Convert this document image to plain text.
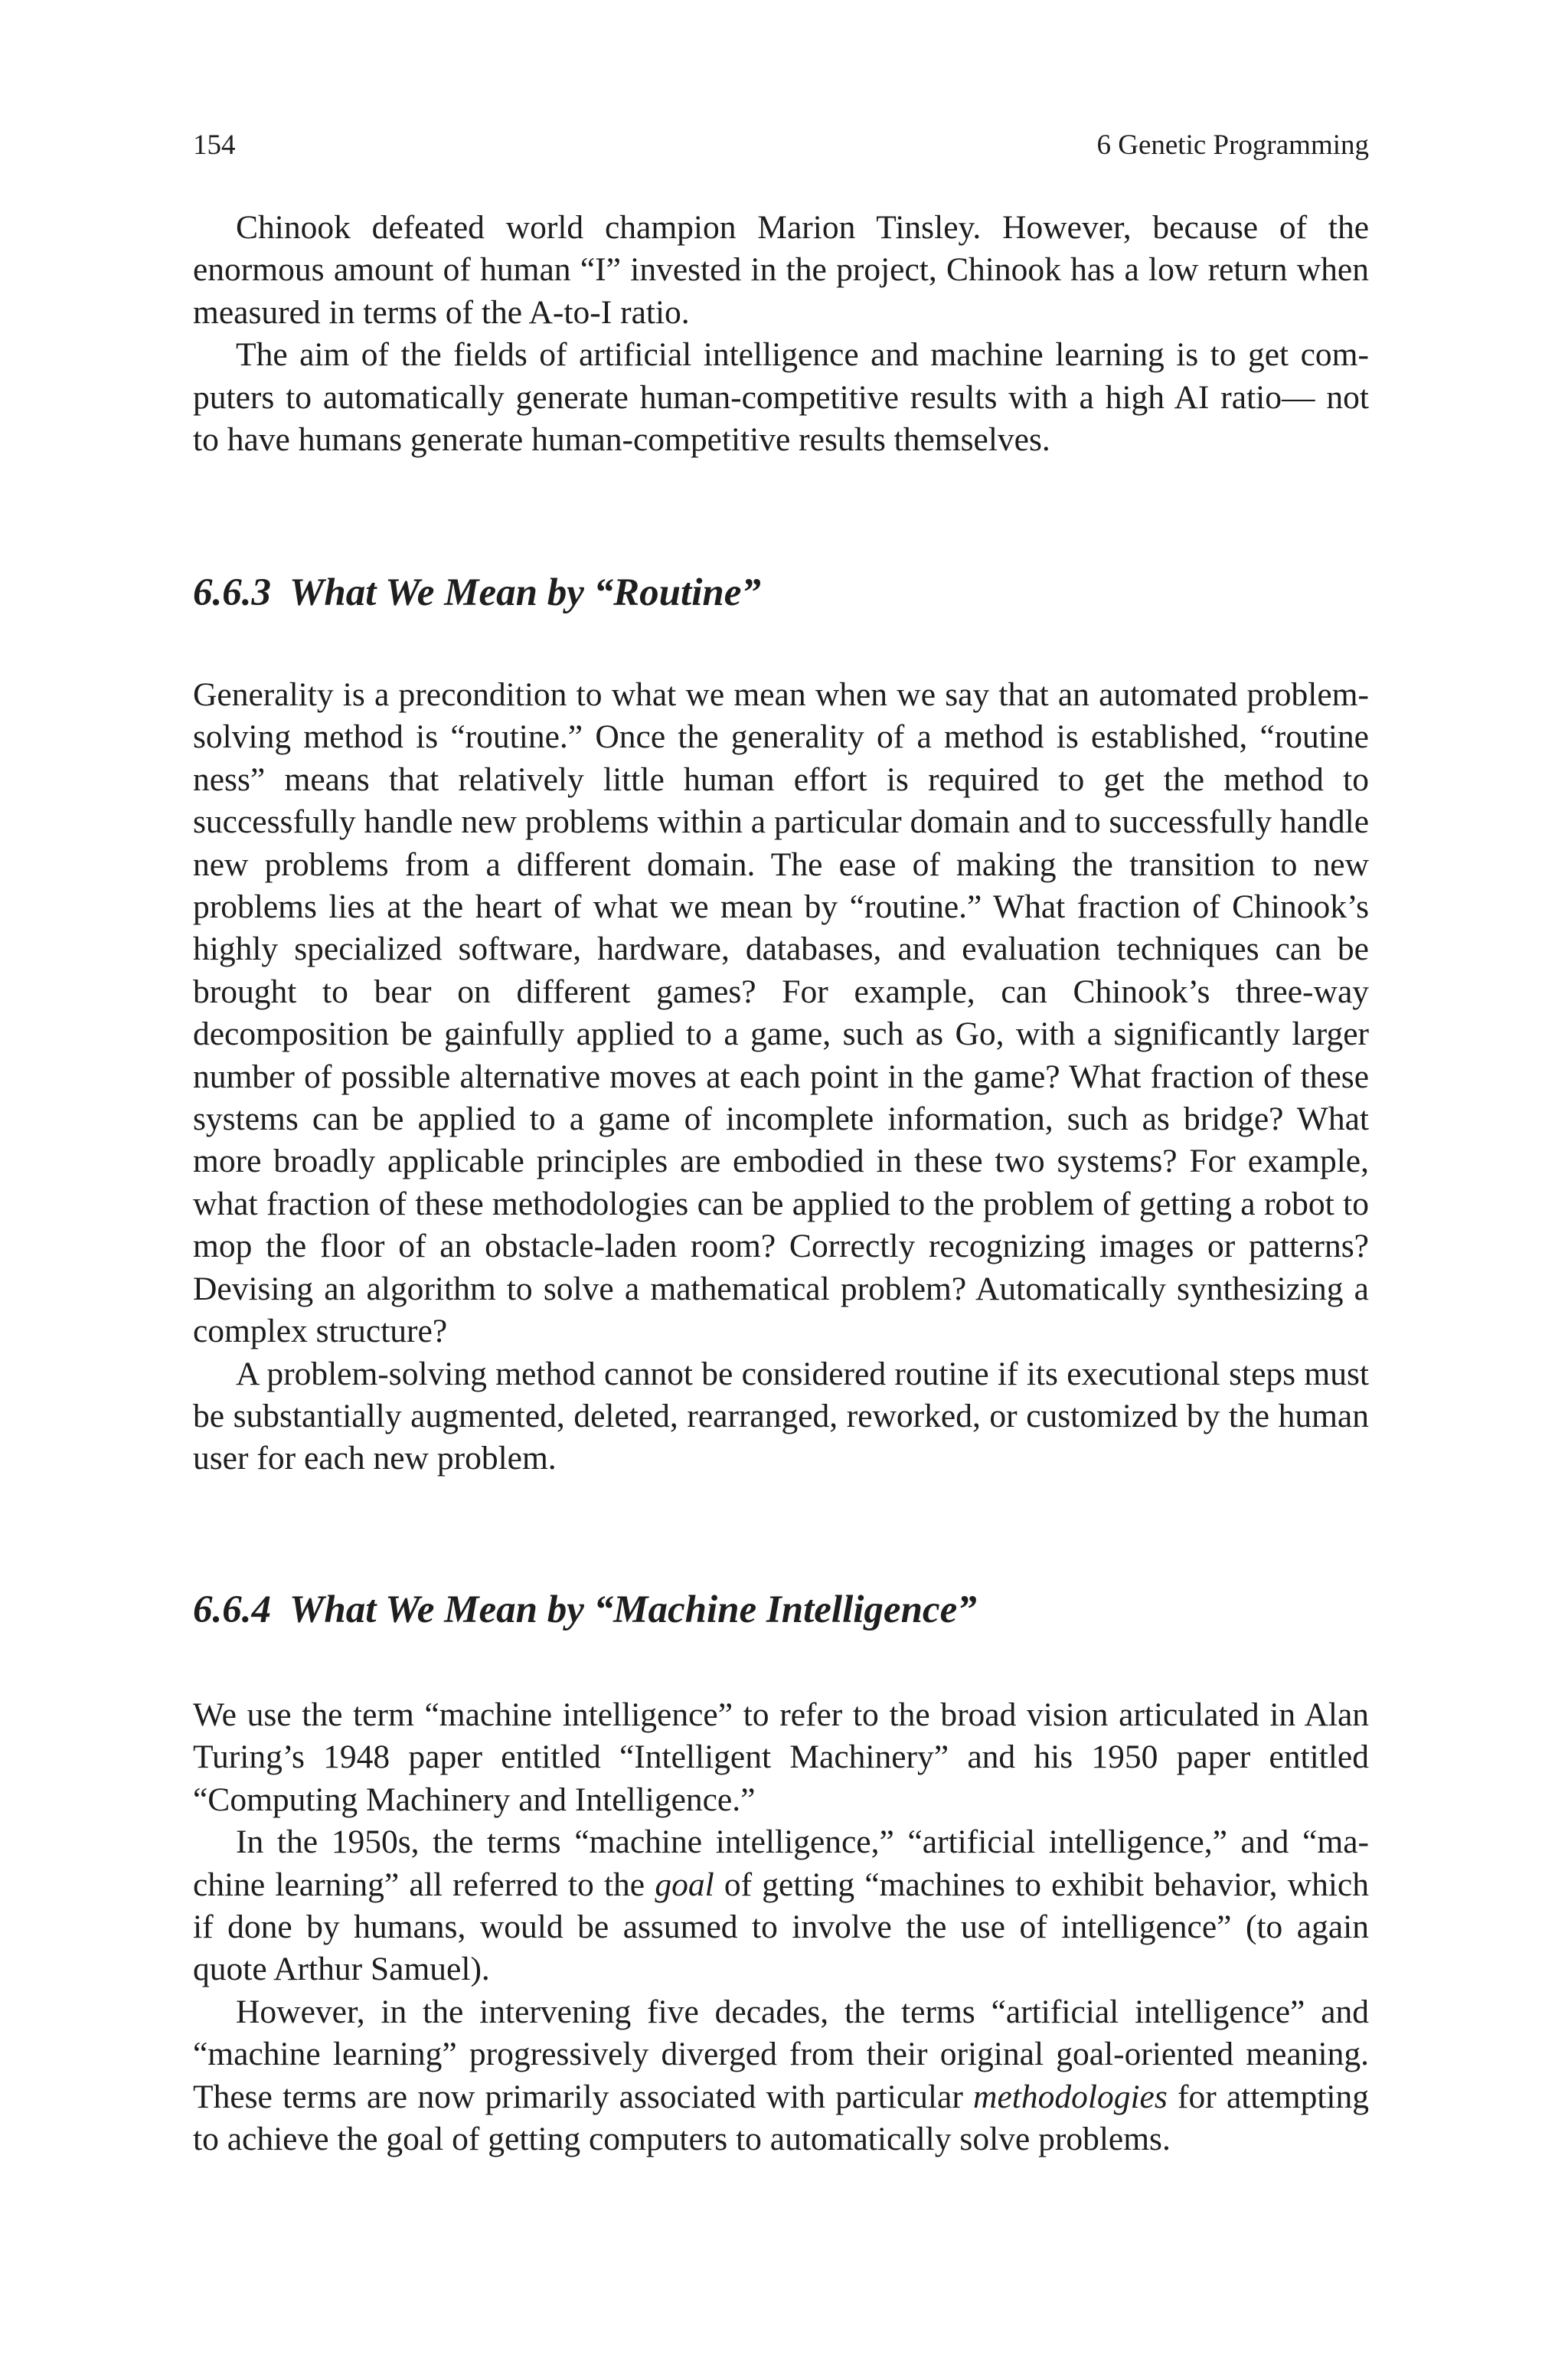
154	6 Genetic Programming

Chinook defeated world champion Marion Tinsley. However, because of the enormous amount of human “I” invested in the project, Chinook has a low return when measured in terms of the A-to-I ratio.

The aim of the fields of artificial intelligence and machine learning is to get computers to automatically generate human-competitive results with a high AI ratio— not to have humans generate human-competitive results themselves.

6.6.3 What We Mean by “Routine”

Generality is a precondition to what we mean when we say that an automated problem-solving method is “routine.” Once the generality of a method is established, “routine ness” means that relatively little human effort is required to get the method to successfully handle new problems within a particular domain and to successfully handle new problems from a different domain. The ease of making the transition to new problems lies at the heart of what we mean by “routine.” What fraction of Chinook’s highly specialized software, hardware, databases, and evaluation techniques can be brought to bear on different games? For example, can Chinook’s three-way decomposition be gainfully applied to a game, such as Go, with a significantly larger number of possible alternative moves at each point in the game? What fraction of these systems can be applied to a game of incomplete information, such as bridge? What more broadly applicable principles are embodied in these two systems? For example, what fraction of these methodologies can be applied to the problem of getting a robot to mop the floor of an obstacle-laden room? Correctly recognizing images or patterns? Devising an algorithm to solve a mathematical problem? Automatically synthesizing a complex structure?

A problem-solving method cannot be considered routine if its executional steps must be substantially augmented, deleted, rearranged, reworked, or customized by the human user for each new problem.

6.6.4 What We Mean by “Machine Intelligence”

We use the term “machine intelligence” to refer to the broad vision articulated in Alan Turing’s 1948 paper entitled “Intelligent Machinery” and his 1950 paper entitled “Computing Machinery and Intelligence.”

In the 1950s, the terms “machine intelligence,” “artificial intelligence,” and “machine learning” all referred to the goal of getting “machines to exhibit behavior, which if done by humans, would be assumed to involve the use of intelligence” (to again quote Arthur Samuel).

However, in the intervening five decades, the terms “artificial intelligence” and “machine learning” progressively diverged from their original goal-oriented meaning. These terms are now primarily associated with particular methodologies for attempting to achieve the goal of getting computers to automatically solve problems.
